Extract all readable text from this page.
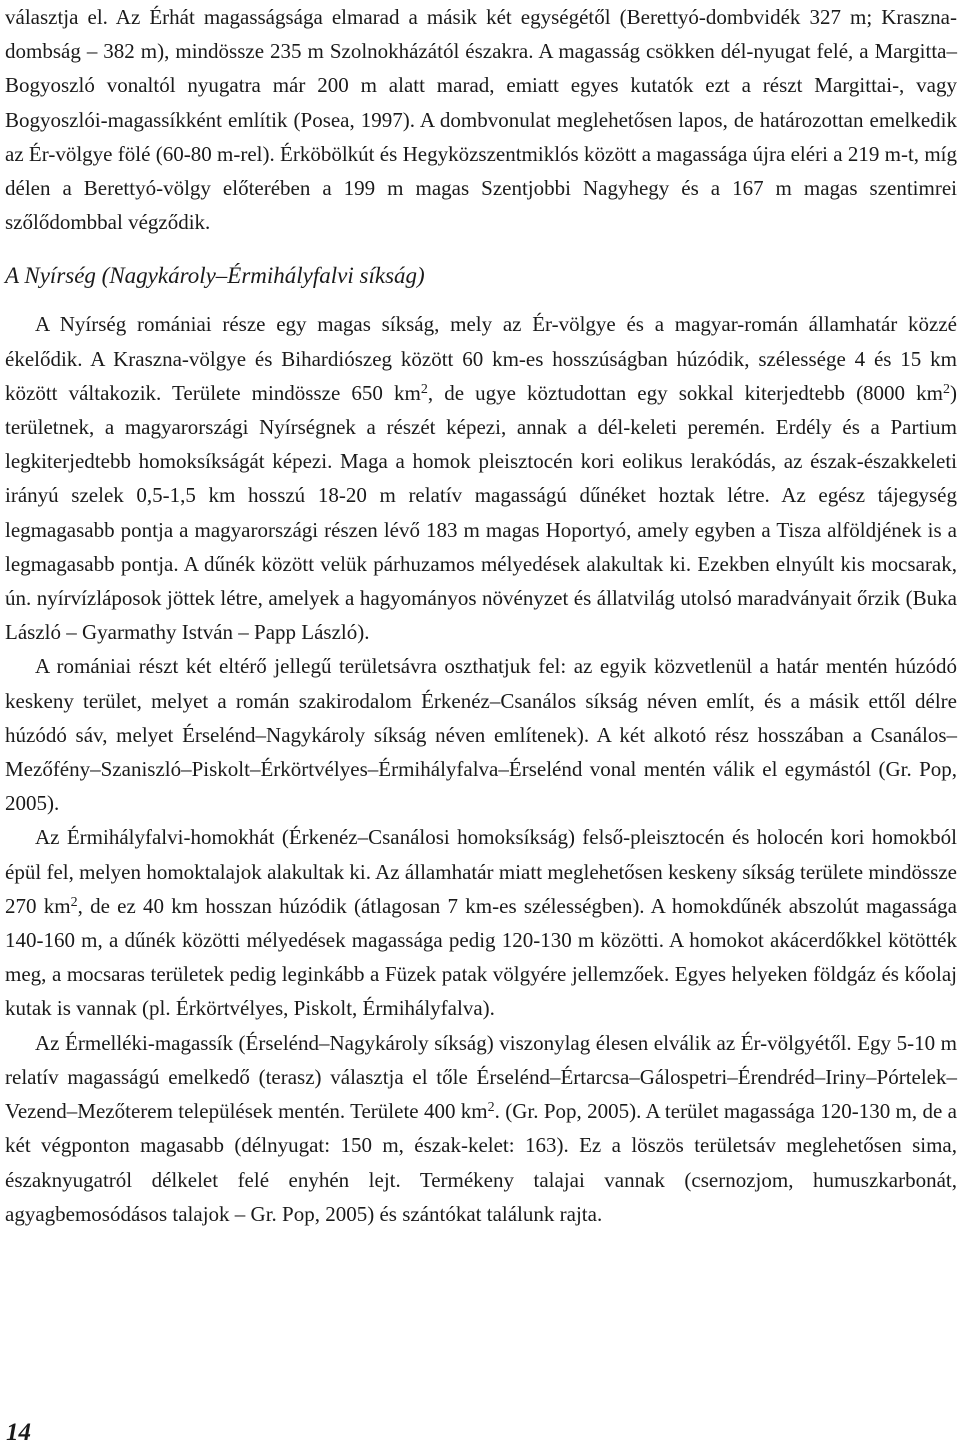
választja el. Az Érhát magasságsága elmarad a másik két egységétől (Berettyó-dombvidék 327 m; Kraszna-dombság – 382 m), mindössze 235 m Szolnokházától északra. A magasság csökken dél-nyugat felé, a Margitta–Bogyoszló vonaltól nyugatra már 200 m alatt marad, emiatt egyes kutatók ezt a részt Margittai-, vagy Bogyoszlói-magassíkként említik (Posea, 1997). A dombvonulat meglehetősen lapos, de határozottan emelkedik az Ér-völgye fölé (60-80 m-rel). Érköbölkút és Hegyközszentmiklós között a magassága újra eléri a 219 m-t, míg délen a Berettyó-völgy előterében a 199 m magas Szentjobbi Nagyhegy és a 167 m magas szentimrei szőlődombbal végződik.

A Nyírség (Nagykároly–Érmihályfalvi síkság)

A Nyírség romániai része egy magas síkság, mely az Ér-völgye és a magyar-román államhatár közzé ékelődik. A Kraszna-völgye és Bihardiószeg között 60 km-es hosszúságban húzódik, szélessége 4 és 15 km között váltakozik. Területe mindössze 650 $km^2$, de ugye köztudottan egy sokkal kiterjedtebb (8000 $km^2$) területnek, a magyarországi Nyírségnek a részét képezi, annak a dél-keleti peremén. Erdély és a Partium legkiterjedtebb homoksíkságát képezi. Maga a homok pleisztocén kori eolikus lerakódás, az észak-északkeleti irányú szelek 0,5-1,5 km hosszú 18-20 m relatív magasságú dűnéket hoztak létre. Az egész tájegység legmagasabb pontja a magyarországi részen lévő 183 m magas Hoportyó, amely egyben a Tisza alföldjének is a legmagasabb pontja. A dűnék között velük párhuzamos mélyedések alakultak ki. Ezekben elnyúlt kis mocsarak, ún. nyírvízláposok jöttek létre, amelyek a hagyományos növényzet és állatvilág utolsó maradványait őrzik (Buka László – Gyarmathy István – Papp László).

A romániai részt két eltérő jellegű területsávra oszthatjuk fel: az egyik közvetlenül a határ mentén húzódó keskeny terület, melyet a román szakirodalom Érkenéz–Csanálos síkság néven említ, és a másik ettől délre húzódó sáv, melyet Érselénd–Nagykároly síkság néven említenek). A két alkotó rész hosszában a Csanálos–Mezőfény–Szaniszló–Piskolt–Érkörtvélyes–Érmihályfalva–Érselénd vonal mentén válik el egymástól (Gr. Pop, 2005).

Az Érmihályfalvi-homokhát (Érkenéz–Csanálosi homoksíkság) felső-pleisztocén és holocén kori homokból épül fel, melyen homoktalajok alakultak ki. Az államhatár miatt meglehetősen keskeny síkság területe mindössze 270 $km^2$, de ez 40 km hosszan húzódik (átlagosan 7 km-es szélességben). A homokdűnék abszolút magassága 140-160 m, a dűnék közötti mélyedések magassága pedig 120-130 m közötti. A homokot akácerdőkkel kötötték meg, a mocsaras területek pedig leginkább a Füzek patak völgyére jellemzőek. Egyes helyeken földgáz és kőolaj kutak is vannak (pl. Érkörtvélyes, Piskolt, Érmihályfalva).

Az Érmelléki-magassík (Érselénd–Nagykároly síkság) viszonylag élesen elválik az Ér-völgyétől. Egy 5-10 m relatív magasságú emelkedő (terasz) választja el tőle Érselénd–Értarcsa–Gálospetri–Érendréd–Iriny–Pórtelek–Vezend–Mezőterem települések mentén. Területe 400 $km^2$. (Gr. Pop, 2005). A terület magassága 120-130 m, de a két végponton magasabb (délnyugat: 150 m, észak-kelet: 163). Ez a löszös területsáv meglehetősen sima, északnyugatról délkelet felé enyhén lejt. Termékeny talajai vannak (csernozjom, humuszkarbonát, agyagbemosódásos talajok – Gr. Pop, 2005) és szántókat találunk rajta.

14
